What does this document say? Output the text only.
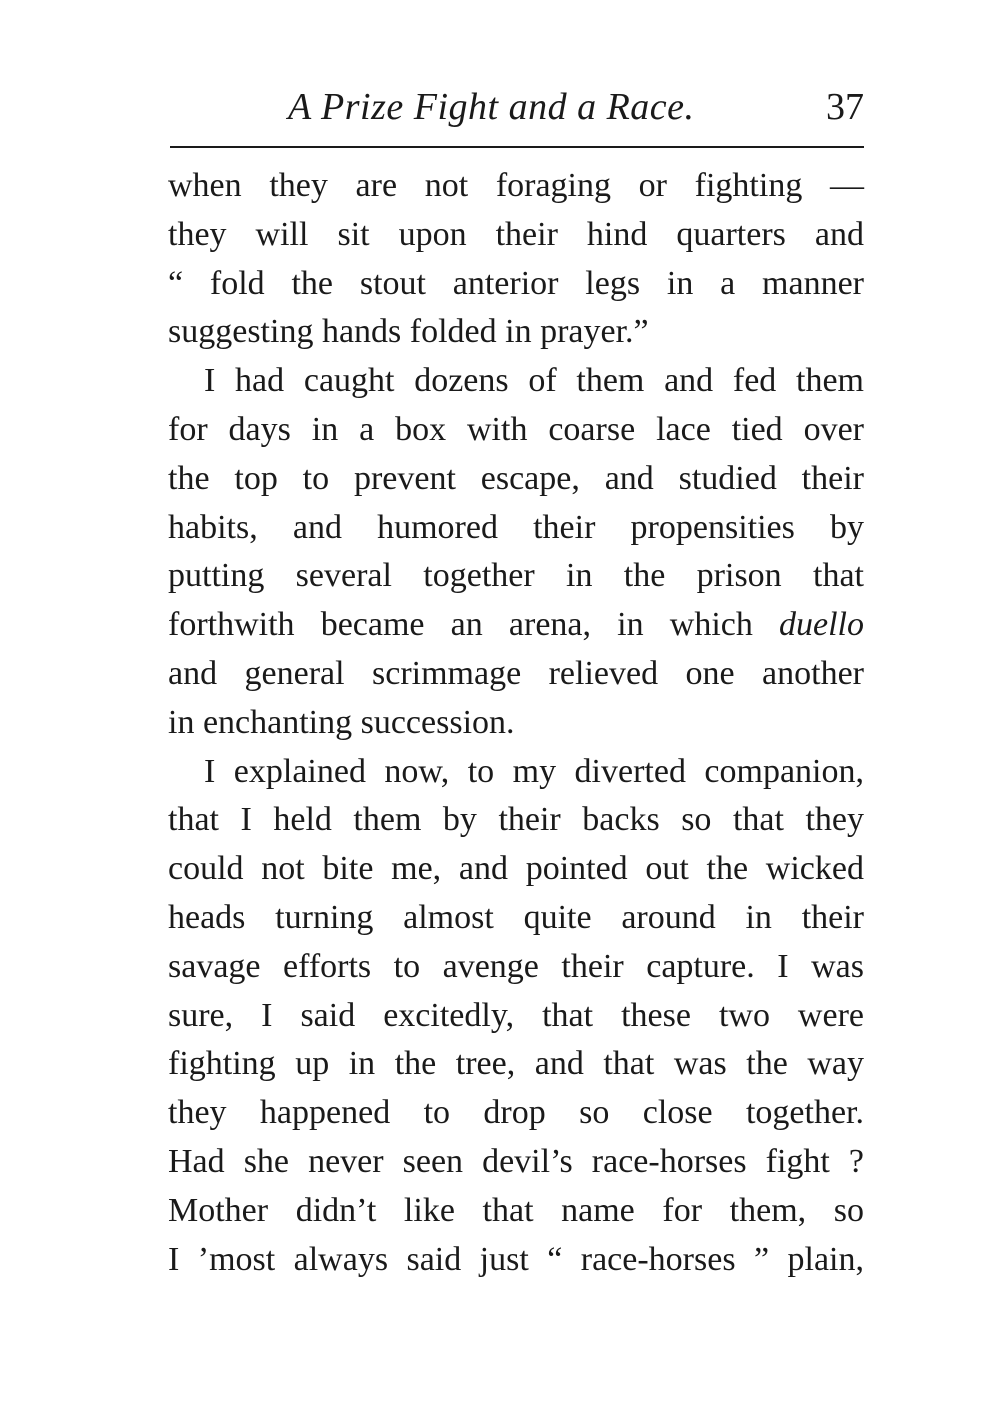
A Prize Fight and a Race.	37
when they are not foraging or fighting —
they will sit upon their hind quarters and
“ fold the stout anterior legs in a manner
suggesting hands folded in prayer.”
I had caught dozens of them and fed them
for days in a box with coarse lace tied over
the top to prevent escape, and studied their
habits, and humored their propensities by
putting several together in the prison that
forthwith became an arena, in which duello
and general scrimmage relieved one another
in enchanting succession.
I explained now, to my diverted companion,
that I held them by their backs so that they
could not bite me, and pointed out the wicked
heads turning almost quite around in their
savage efforts to avenge their capture. I was
sure, I said excitedly, that these two were
fighting up in the tree, and that was the way
they happened to drop so close together.
Had she never seen devil’s race-horses fight ?
Mother didn’t like that name for them, so
I ’most always said just “ race-horses ” plain,
